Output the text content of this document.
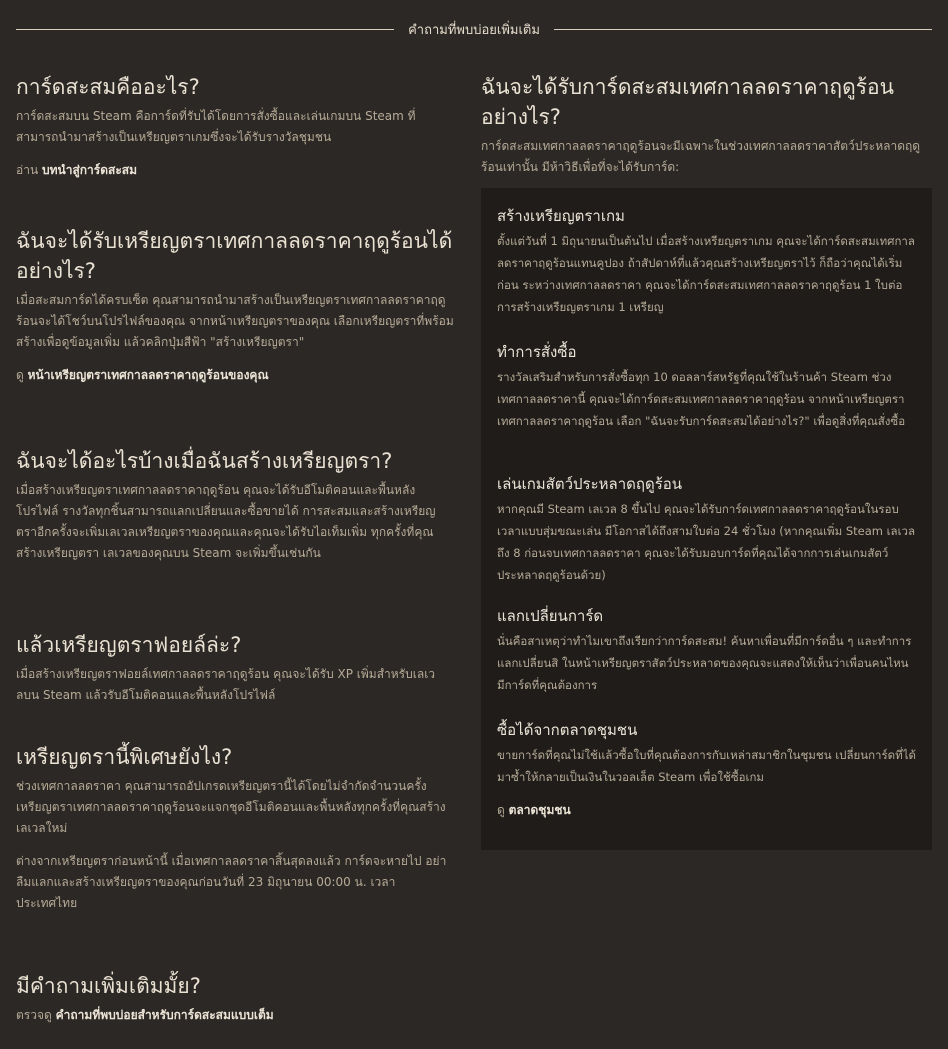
คำถามที่พบบ่อยเพิ่มเติม
การ์ดสะสมคืออะไร?

การ์ดสะสมบน Steam คือการ์ดที่รับได้โดยการสั่งซื้อและเล่นเกมบน Steam ที่สามารถนำมาสร้างเป็นเหรียญตราเกมซึ่งจะได้รับรางวัลชุมชน

อ่าน บทนำสู่การ์ดสะสม
ฉันจะได้รับเหรียญตราเทศกาลลดราคาฤดูร้อนได้อย่างไร?

เมื่อสะสมการ์ดได้ครบเซ็ต คุณสามารถนำมาสร้างเป็นเหรียญตราเทศกาลลดราคาฤดูร้อนจะได้โชว์บนโปรไฟล์ของคุณ จากหน้าเหรียญตราของคุณ เลือกเหรียญตราที่พร้อมสร้างเพื่อดูข้อมูลเพิ่ม แล้วคลิกปุ่มสีฟ้า "สร้างเหรียญตรา"

ดู หน้าเหรียญตราเทศกาลลดราคาฤดูร้อนของคุณ
ฉันจะได้อะไรบ้างเมื่อฉันสร้างเหรียญตรา?

เมื่อสร้างเหรียญตราเทศกาลลดราคาฤดูร้อน คุณจะได้รับอีโมติคอนและพื้นหลังโปรไฟล์ รางวัลทุกชิ้นสามารถแลกเปลี่ยนและซื้อขายได้ การสะสมและสร้างเหรียญตราอีกครั้งจะเพิ่มเลเวลเหรียญตราของคุณและคุณจะได้รับไอเท็มเพิ่ม ทุกครั้งที่คุณสร้างเหรียญตรา เลเวลของคุณบน Steam จะเพิ่มขึ้นเช่นกัน

แล้วเหรียญตราฟอยล์ล่ะ?

เมื่อสร้างเหรียญตราฟอยล์เทศกาลลดราคาฤดูร้อน คุณจะได้รับ XP เพิ่มสำหรับเลเวลบน Steam แล้วรับอีโมติคอนและพื้นหลังโปรไฟล์

เหรียญตรานี้พิเศษยังไง?

ช่วงเทศกาลลดราคา คุณสามารถอัปเกรดเหรียญตรานี้ได้โดยไม่จำกัดจำนวนครั้ง เหรียญตราเทศกาลลดราคาฤดูร้อนจะแจกชุดอีโมติคอนและพื้นหลังทุกครั้งที่คุณสร้างเลเวลใหม่

ต่างจากเหรียญตราก่อนหน้านี้ เมื่อเทศกาลลดราคาสิ้นสุดลงแล้ว การ์ดจะหายไป อย่าลืมแลกและสร้างเหรียญตราของคุณก่อนวันที่ 23 มิถุนายน 00:00 น. เวลาประเทศไทย

มีคำถามเพิ่มเติมมั้ย?
ตรวจดู คำถามที่พบบ่อยสำหรับการ์ดสะสมแบบเต็ม
ฉันจะได้รับการ์ดสะสมเทศกาลลดราคาฤดูร้อนอย่างไร?

การ์ดสะสมเทศกาลลดราคาฤดูร้อนจะมีเฉพาะในช่วงเทศกาลลดราคาสัตว์ประหลาดฤดูร้อนเท่านั้น มีห้าวิธีเพื่อที่จะได้รับการ์ด:

สร้างเหรียญตราเกม

ตั้งแต่วันที่ 1 มิถุนายนเป็นต้นไป เมื่อสร้างเหรียญตราเกม คุณจะได้การ์ดสะสมเทศกาลลดราคาฤดูร้อนแทนคูปอง ถ้าสัปดาห์ที่แล้วคุณสร้างเหรียญตราไว้ ก็ถือว่าคุณได้เริ่มก่อน ระหว่างเทศกาลลดราคา คุณจะได้การ์ดสะสมเทศกาลลดราคาฤดูร้อน 1 ใบต่อการสร้างเหรียญตราเกม 1 เหรียญ

ทำการสั่งซื้อ

รางวัลเสริมสำหรับการสั่งซื้อทุก 10 ดอลลาร์สหรัฐที่คุณใช้ในร้านค้า Steam ช่วงเทศกาลลดราคานี้ คุณจะได้การ์ดสะสมเทศกาลลดราคาฤดูร้อน จากหน้าเหรียญตราเทศกาลลดราคาฤดูร้อน เลือก "ฉันจะรับการ์ดสะสมได้อย่างไร?" เพื่อดูสิ่งที่คุณสั่งซื้อ

เล่นเกมสัตว์ประหลาดฤดูร้อน

หากคุณมี Steam เลเวล 8 ขึ้นไป คุณจะได้รับการ์ดเทศกาลลดราคาฤดูร้อนในรอบเวลาแบบสุ่มขณะเล่น มีโอกาสได้ถึงสามใบต่อ 24 ชั่วโมง (หากคุณเพิ่ม Steam เลเวลถึง 8 ก่อนจบเทศกาลลดราคา คุณจะได้รับมอบการ์ดที่คุณได้จากการเล่นเกมสัตว์ประหลาดฤดูร้อนด้วย)

แลกเปลี่ยนการ์ด

นั่นคือสาเหตุว่าทำไมเขาถึงเรียกว่าการ์ดสะสม! ค้นหาเพื่อนที่มีการ์ดอื่น ๆ และทำการแลกเปลี่ยนสิ ในหน้าเหรียญตราสัตว์ประหลาดของคุณจะแสดงให้เห็นว่าเพื่อนคนไหนมีการ์ดที่คุณต้องการ

ซื้อได้จากตลาดชุมชน

ขายการ์ดที่คุณไม่ใช้แล้วซื้อใบที่คุณต้องการกับเหล่าสมาชิกในชุมชน เปลี่ยนการ์ดที่ได้มาซ้ำให้กลายเป็นเงินในวอลเล็ต Steam เพื่อใช้ซื้อเกม

ดู ตลาดชุมชน
